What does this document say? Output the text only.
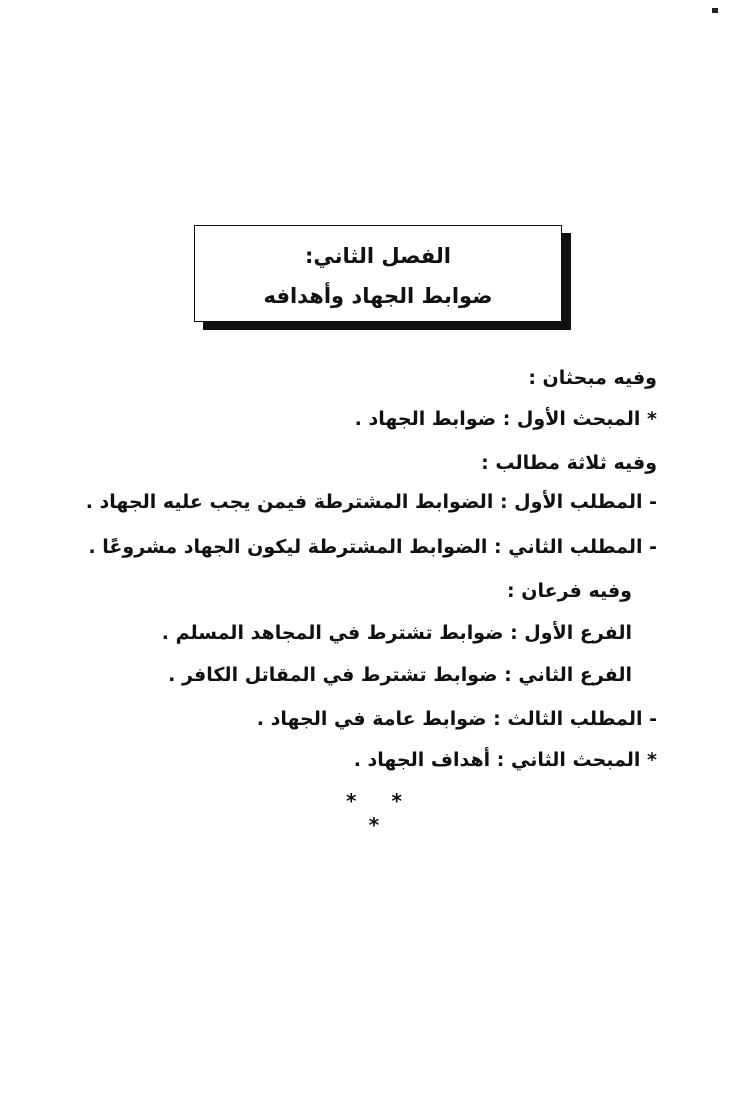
الفصل الثاني:
ضوابط الجهاد وأهدافه
وفيه مبحثان :
* المبحث الأول : ضوابط الجهاد .
وفيه ثلاثة مطالب :
- المطلب الأول : الضوابط المشترطة فيمن يجب عليه الجهاد .
- المطلب الثاني : الضوابط المشترطة ليكون الجهاد مشروعًا .
وفيه فرعان :
الفرع الأول : ضوابط تشترط في المجاهد المسلم .
الفرع الثاني : ضوابط تشترط في المقاتل الكافر .
- المطلب الثالث : ضوابط عامة في الجهاد .
* المبحث الثاني : أهداف الجهاد .
* * *
